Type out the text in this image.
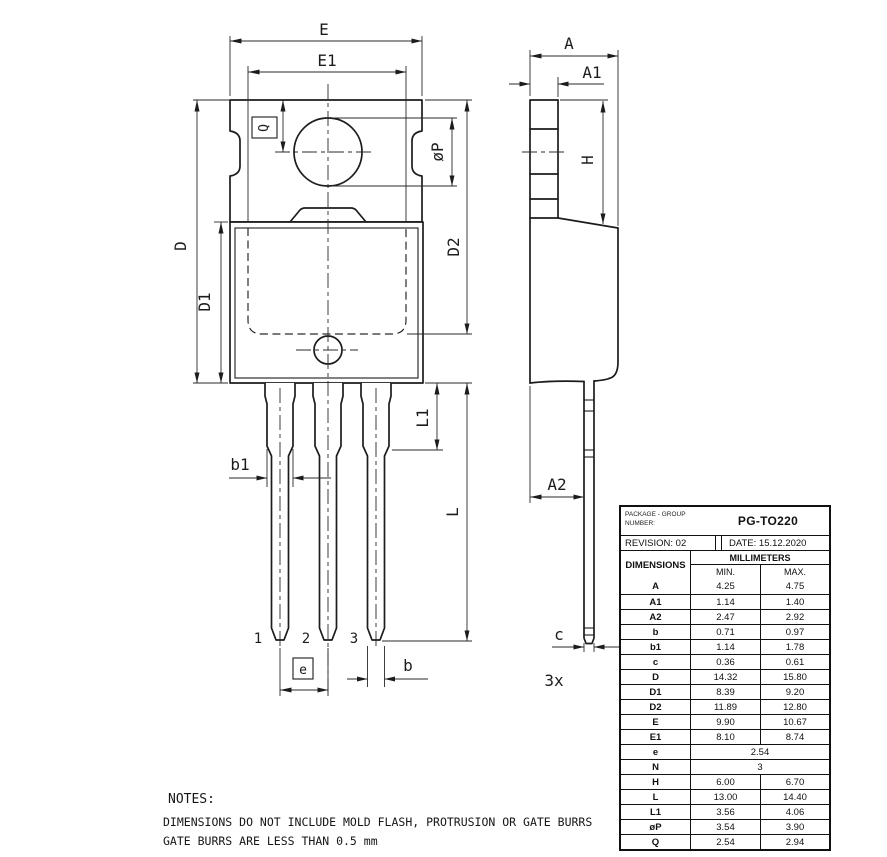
E
E1
D
D1
D2
øP
Q
L1
L
b1
1	2	3
e	b
A
A1
H
A2
c
3x
PACKAGE - GROUP
NUMBER:	PG-TO220
REVISION: 02	DATE: 15.12.2020
DIMENSIONS
MILLIMETERS
MIN.	MAX.
A	4.25	4.75
A1	1.14	1.40
A2	2.47	2.92
b	0.71	0.97
b1	1.14	1.78
c	0.36	0.61
D	14.32	15.80
D1	8.39	9.20
D2	11.89	12.80
E	9.90	10.67
E1	8.10	8.74
e	2.54
N	3
H	6.00	6.70
L	13.00	14.40
L1	3.56	4.06
øP	3.54	3.90
Q	2.54	2.94
NOTES:
DIMENSIONS DO NOT INCLUDE MOLD FLASH, PROTRUSION OR GATE BURRS
GATE BURRS ARE LESS THAN 0.5 mm
